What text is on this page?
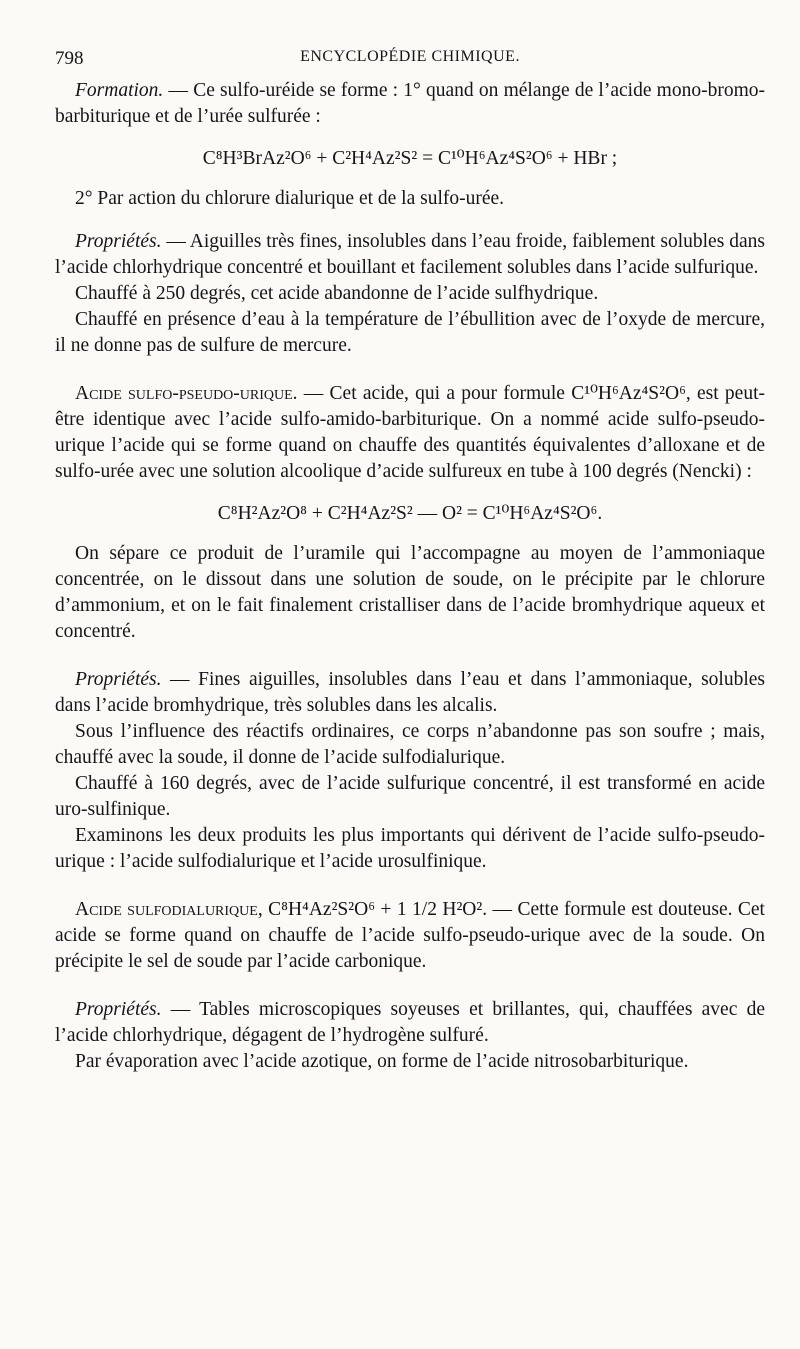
798	ENCYCLOPÉDIE CHIMIQUE.

Formation. — Ce sulfo-uréide se forme : 1° quand on mélange de l’acide mono-bromo-barbiturique et de l’urée sulfurée :

C⁸H³BrAz²O⁶ + C²H⁴Az²S² = C¹⁰H⁶Az⁴S²O⁶ + HBr ;

2° Par action du chlorure dialurique et de la sulfo-urée.

Propriétés. — Aiguilles très fines, insolubles dans l’eau froide, faiblement solubles dans l’acide chlorhydrique concentré et bouillant et facilement solubles dans l’acide sulfurique.

Chauffé à 250 degrés, cet acide abandonne de l’acide sulfhydrique.

Chauffé en présence d’eau à la température de l’ébullition avec de l’oxyde de mercure, il ne donne pas de sulfure de mercure.

Acide sulfo-pseudo-urique. — Cet acide, qui a pour formule C¹⁰H⁶Az⁴S²O⁶, est peut-être identique avec l’acide sulfo-amido-barbiturique. On a nommé acide sulfo-pseudo-urique l’acide qui se forme quand on chauffe des quantités équivalentes d’alloxane et de sulfo-urée avec une solution alcoolique d’acide sulfureux en tube à 100 degrés (Nencki) :

C⁸H²Az²O⁸ + C²H⁴Az²S² — O² = C¹⁰H⁶Az⁴S²O⁶.

On sépare ce produit de l’uramile qui l’accompagne au moyen de l’ammoniaque concentrée, on le dissout dans une solution de soude, on le précipite par le chlorure d’ammonium, et on le fait finalement cristalliser dans de l’acide bromhydrique aqueux et concentré.

Propriétés. — Fines aiguilles, insolubles dans l’eau et dans l’ammoniaque, solubles dans l’acide bromhydrique, très solubles dans les alcalis.

Sous l’influence des réactifs ordinaires, ce corps n’abandonne pas son soufre ; mais, chauffé avec la soude, il donne de l’acide sulfodialurique.

Chauffé à 160 degrés, avec de l’acide sulfurique concentré, il est transformé en acide uro-sulfinique.

Examinons les deux produits les plus importants qui dérivent de l’acide sulfo-pseudo-urique : l’acide sulfodialurique et l’acide urosulfinique.

Acide sulfodialurique, C⁸H⁴Az²S²O⁶ + 1 1/2 H²O². — Cette formule est douteuse. Cet acide se forme quand on chauffe de l’acide sulfo-pseudo-urique avec de la soude. On précipite le sel de soude par l’acide carbonique.

Propriétés. — Tables microscopiques soyeuses et brillantes, qui, chauffées avec de l’acide chlorhydrique, dégagent de l’hydrogène sulfuré.

Par évaporation avec l’acide azotique, on forme de l’acide nitrosobarbiturique.
